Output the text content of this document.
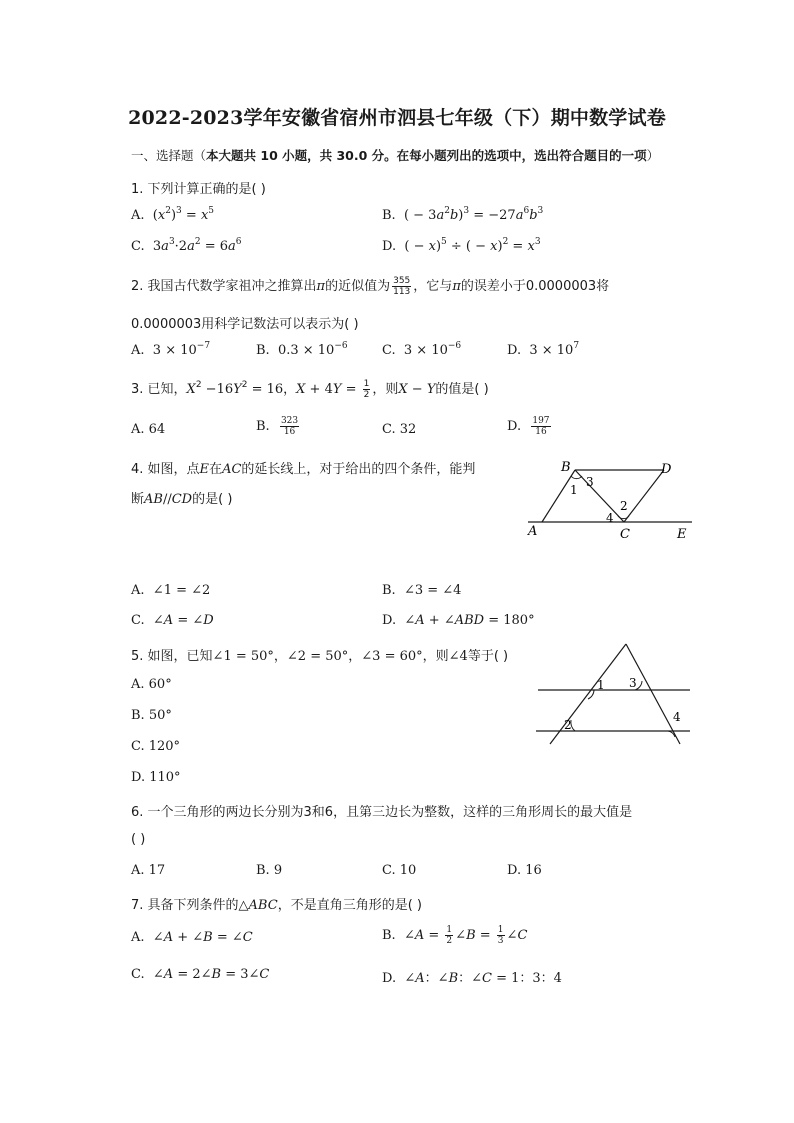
2022-2023学年安徽省宿州市泗县七年级（下）期中数学试卷
一、选择题（本大题共 10 小题，共 30.0 分。在每小题列出的选项中，选出符合题目的一项）
1. 下列计算正确的是( )
A.  $(x^2)^3 = x^5$	B.  ( − $3a^2b)^3 = -27a^6b^3$
C.  $3a^3\cdot 2a^2 = 6a^6$	D.  ( − x)$^5$ ÷ ( − $x)^2 = x^3$
2. 我国古代数学家祖冲之推算出π的近似值为 $\frac{355}{113}$ ，它与π的误差小于0.0000003将
0.0000003用科学记数法可以表示为( )
A.  $3 \times 10^{-7}$	B.  $0.3 \times 10^{-6}$	C.  $3 \times 10^{-6}$	D.  $3 \times 10^7$
3. 已知，$X^2 -16Y^2 = 16$，$X + 4Y = \frac{1}{2}$ ，则X − Y的值是( )
A. 64	B. $\frac{323}{16}$	C. 32	D. $\frac{197}{16}$
4. 如图，点E在AC的延长线上，对于给出的四个条件，能判
断AB//CD的是( )
B	D
A	C	E
1
3
2
4
A.  ∠1 = ∠2	B.  ∠3 = ∠4
C.  ∠A = ∠D	D.  ∠A + ∠ABD = 180°
5. 如图，已知∠1 = 50°，∠2 = 50°，∠3 = 60°，则∠4等于( )
A. 60°
B. 50°
C. 120°
D. 110°
1 3
2
4
6. 一个三角形的两边长分别为3和6，且第三边长为整数，这样的三角形周长的最大值是
( )
A. 17	B. 9	C. 10	D. 16
7. 具备下列条件的△ABC，不是直角三角形的是( )
A.  ∠A + ∠B = ∠C	B.  ∠A = $\frac{1}{2}$ ∠B = $\frac{1}{3}$ ∠C
C.  ∠A = 2∠B = 3∠C	D.  ∠A：∠B：∠C = 1：3：4
